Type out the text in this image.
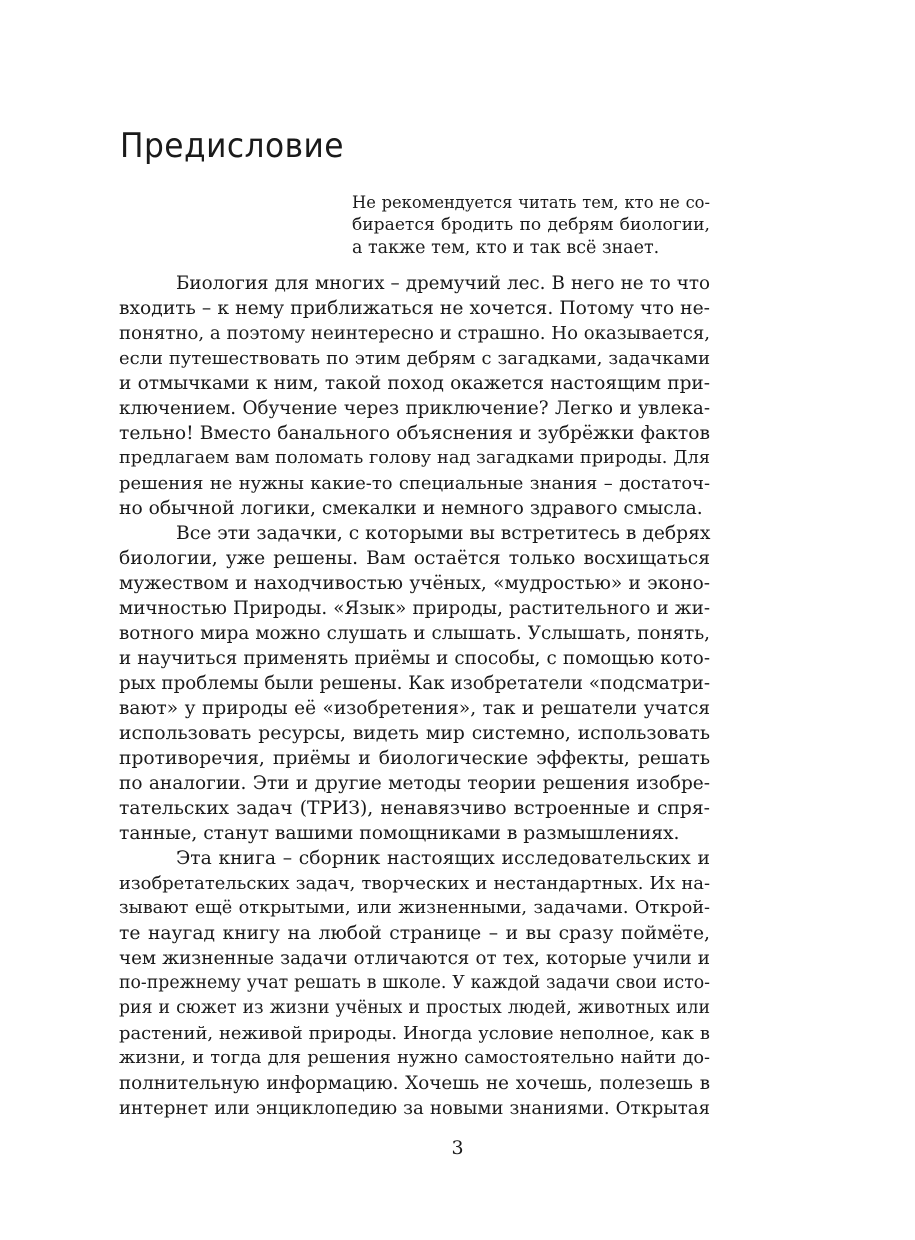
Предисловие
Не рекомендуется читать тем, кто не со-
бирается бродить по дебрям биологии,
а также тем, кто и так всё знает.
Биология для многих – дремучий лес. В него не то что
входить – к нему приближаться не хочется. Потому что не-
понятно, а поэтому неинтересно и страшно. Но оказывается,
если путешествовать по этим дебрям с загадками, задачками
и отмычками к ним, такой поход окажется настоящим при-
ключением. Обучение через приключение? Легко и увлека-
тельно! Вместо банального объяснения и зубрёжки фактов
предлагаем вам поломать голову над загадками природы. Для
решения не нужны какие-то специальные знания – достаточ-
но обычной логики, смекалки и немного здравого смысла.
Все эти задачки, с которыми вы встретитесь в дебрях
биологии, уже решены. Вам остаётся только восхищаться
мужеством и находчивостью учёных, «мудростью» и эконо-
мичностью Природы. «Язык» природы, растительного и жи-
вотного мира можно слушать и слышать. Услышать, понять,
и научиться применять приёмы и способы, с помощью кото-
рых проблемы были решены. Как изобретатели «подсматри-
вают» у природы её «изобретения», так и решатели учатся
использовать ресурсы, видеть мир системно, использовать
противоречия, приёмы и биологические эффекты, решать
по аналогии. Эти и другие методы теории решения изобре-
тательских задач (ТРИЗ), ненавязчиво встроенные и спря-
танные, станут вашими помощниками в размышлениях.
Эта книга – сборник настоящих исследовательских и
изобретательских задач, творческих и нестандартных. Их на-
зывают ещё открытыми, или жизненными, задачами. Открой-
те наугад книгу на любой странице – и вы сразу поймёте,
чем жизненные задачи отличаются от тех, которые учили и
по-прежнему учат решать в школе. У каждой задачи свои исто-
рия и сюжет из жизни учёных и простых людей, животных или
растений, неживой природы. Иногда условие неполное, как в
жизни, и тогда для решения нужно самостоятельно найти до-
полнительную информацию. Хочешь не хочешь, полезешь в
интернет или энциклопедию за новыми знаниями. Открытая
3
